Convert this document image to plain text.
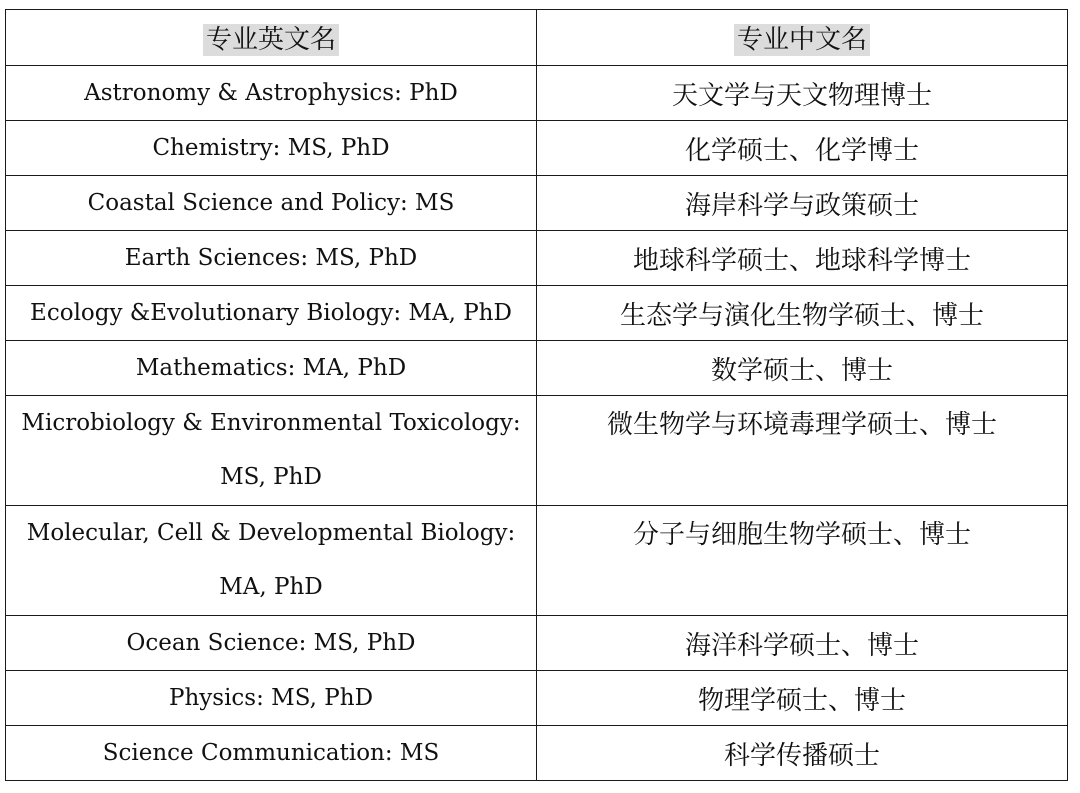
专业英文名	专业中文名
Astronomy & Astrophysics: PhD	天文学与天文物理博士
Chemistry: MS, PhD	化学硕士、化学博士
Coastal Science and Policy: MS	海岸科学与政策硕士
Earth Sciences: MS, PhD	地球科学硕士、地球科学博士
Ecology &Evolutionary Biology: MA, PhD	生态学与演化生物学硕士、博士
Mathematics: MA, PhD	数学硕士、博士
Microbiology & Environmental Toxicology: MS, PhD	微生物学与环境毒理学硕士、博士
Molecular, Cell & Developmental Biology: MA, PhD	分子与细胞生物学硕士、博士
Ocean Science: MS, PhD	海洋科学硕士、博士
Physics: MS, PhD	物理学硕士、博士
Science Communication: MS	科学传播硕士
